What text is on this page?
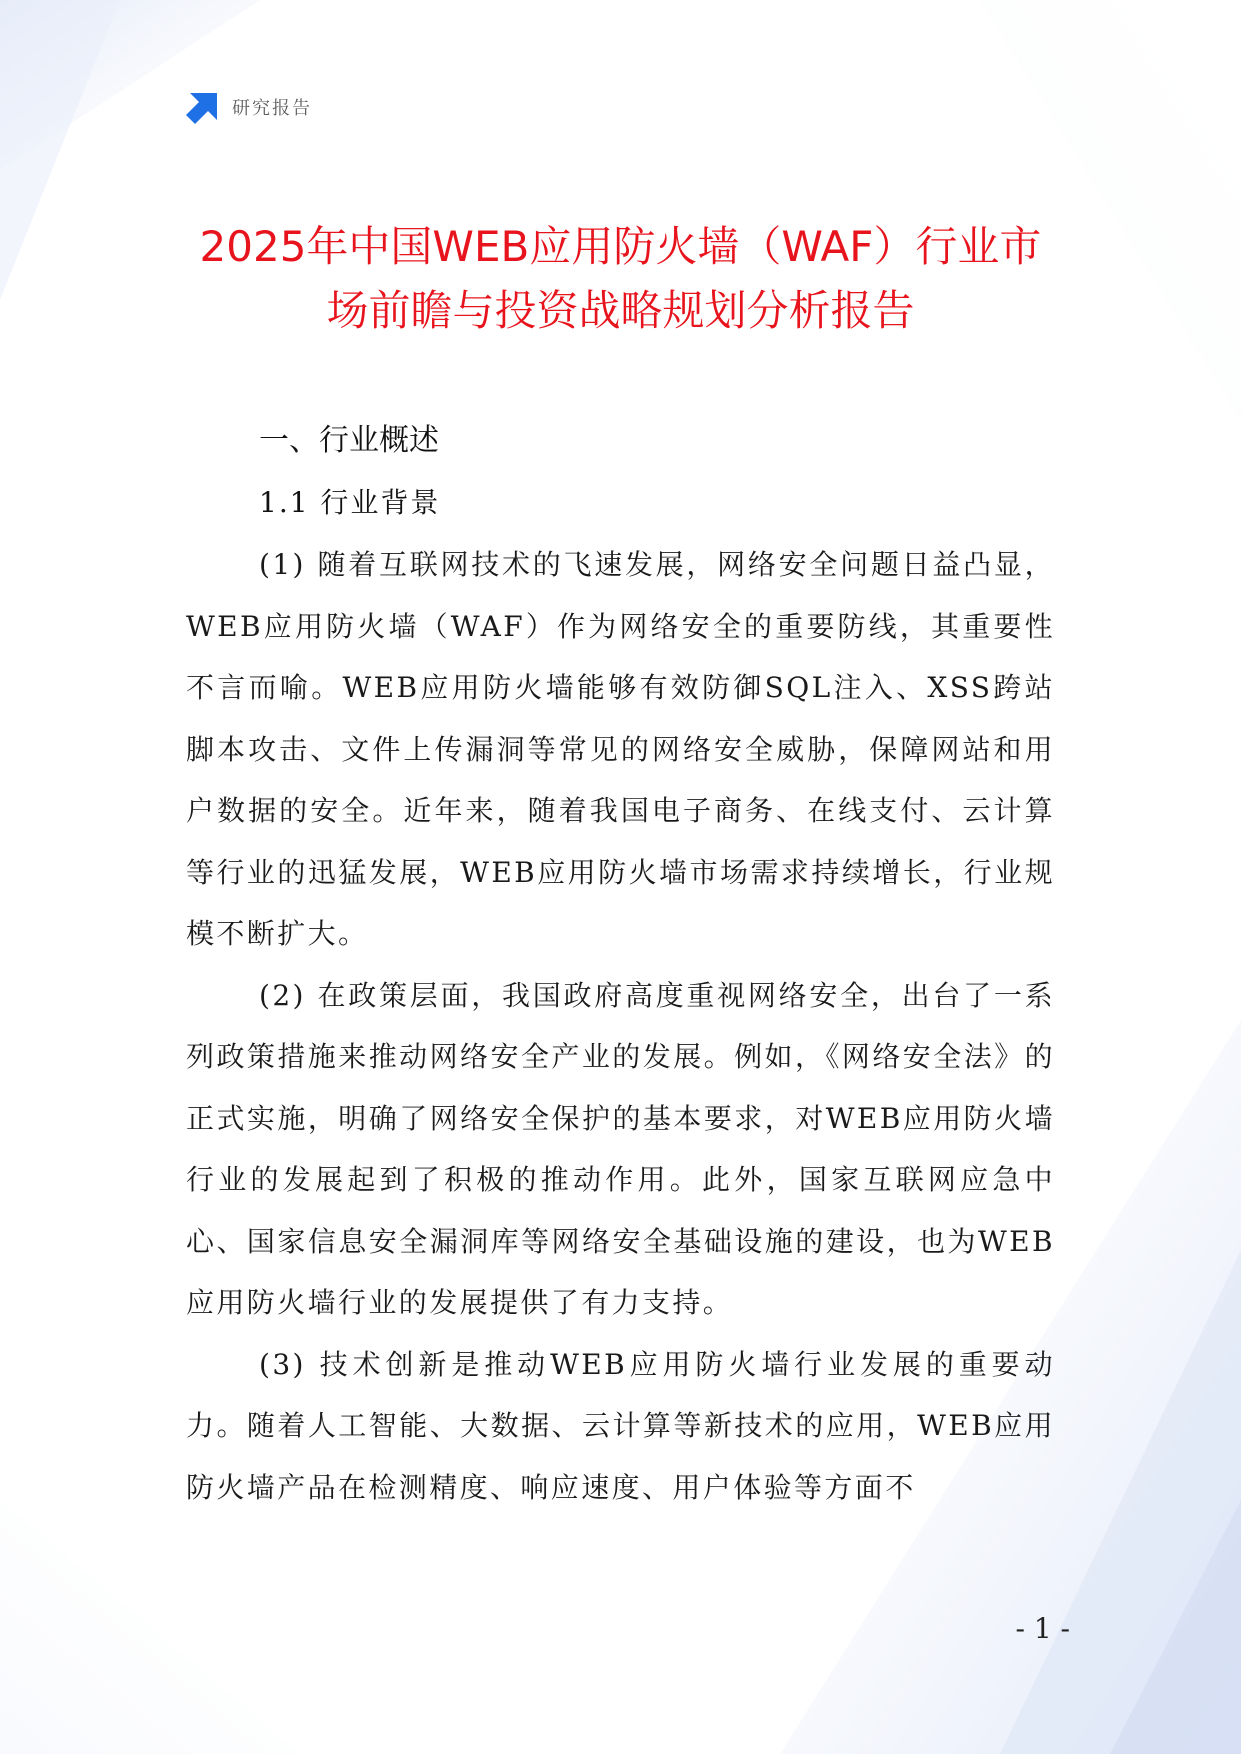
研究报告
2025年中国WEB应用防火墙（WAF）行业市
场前瞻与投资战略规划分析报告
一、行业概述
1.1 行业背景

(1) 随着互联网技术的飞速发展，网络安全问题日益凸显，WEB应用防火墙（WAF）作为网络安全的重要防线，其重要性不言而喻。WEB应用防火墙能够有效防御SQL注入、XSS跨站脚本攻击、文件上传漏洞等常见的网络安全威胁，保障网站和用户数据的安全。近年来，随着我国电子商务、在线支付、云计算等行业的迅猛发展，WEB应用防火墙市场需求持续增长，行业规模不断扩大。

(2) 在政策层面，我国政府高度重视网络安全，出台了一系列政策措施来推动网络安全产业的发展。例如，《网络安全法》的正式实施，明确了网络安全保护的基本要求，对WEB应用防火墙行业的发展起到了积极的推动作用。此外，国家互联网应急中心、国家信息安全漏洞库等网络安全基础设施的建设，也为WEB应用防火墙行业的发展提供了有力支持。

(3) 技术创新是推动WEB应用防火墙行业发展的重要动力。随着人工智能、大数据、云计算等新技术的应用，WEB应用防火墙产品在检测精度、响应速度、用户体验等方面不

- 1 -
